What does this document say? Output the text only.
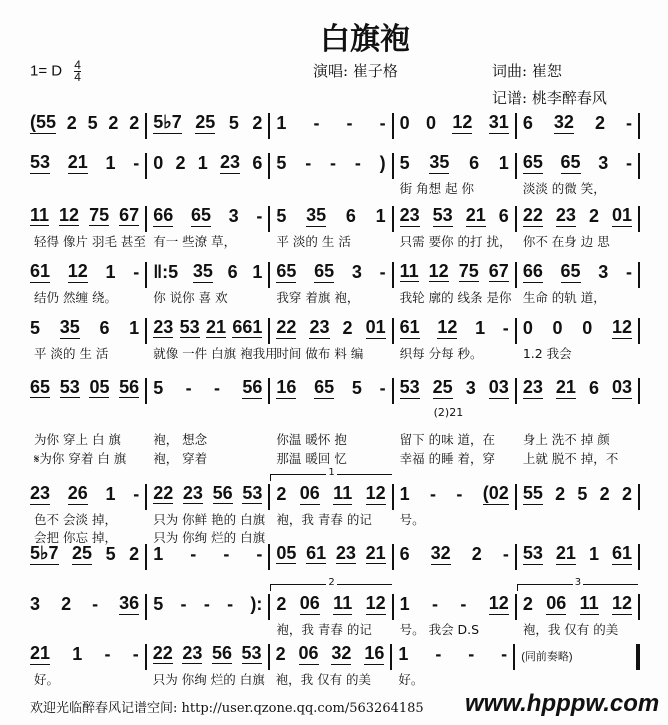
白旗袍
1= D $\frac{4}{4}$	演唱: 崔子格	词曲: 崔恕
记谱: 桃李醉春风
(55 2 5 2 2 5♭7 25 5 2 1 - - - 0 0 12 31 6 32 2 -
53 21 1 - 0 2 1 23 6 5 - - - ) 5 35 6 1
街 角想 起 你
65 65 3 -
淡淡 的微 笑，
11 12 75 67
轻得 像片 羽毛 甚至
66 65 3 -
有一 些潦 草，
5 35 6 1
平 淡的 生 活
23 53 21 6
只需 要你 的打 扰，
22 23 2 01
你不 在身 边 思
61 12 1 -
结仍 然缠 绕。
‖:5 35 6 1
你 说你 喜 欢
65 65 3 -
我穿 着旗 袍，
11 12 75 67
我轮 廓的 线条 是你
66 65 3 -
生命 的轨 道，
5 35 6 1
平 淡的 生 活
23 53 21 661
就像 一件 白旗 袍我用
22 23 2 01
时间 做布 料 编
61 12 1 -
织每 分每 秒。
0 0 0 12
1.2 我会
65 53 05 56
为你 穿上 白 旗
𝄋为你 穿着 白 旗
5 - - 56
袍， 想念
袍， 穿着
16 65 5 -
你温 暖怀 抱
那温 暖回 忆
53 25 3 03
留下 的味 道，在
幸福 的睡 着，穿
(2)21
23 21 6 03
身上 洗不 掉 颜
上就 脱不 掉，不
23 26 1 -
色不 会淡 掉，
会把 你忘 掉，
22 23 56 53
只为 你鲜 艳的 白旗
只为 你绚 烂的 白旗
2 06 11 12
袍，我 青春 的记
1
1 - - (02
号。
55 2 5 2 2
5♭7 25 5 2 1 - - - 05 61 23 21 6 32 2 - 53 21 1 61
3 2 - 36 5 - - - ): 2 06 11 12
袍，我 青春 的记
2
1 - - 12
号。 我会 D.S
2 06 11 12
袍，我 仅有 的美
3
21 1 - -
好。
22 23 56 53
只为 你绚 烂的 白旗
2 06 32 16
袍，我 仅有 的美
1 - - -
好。
(同前奏略)
欢迎光临醉春风记谱空间: http://user.qzone.qq.com/563264185 www.hpppw.com
